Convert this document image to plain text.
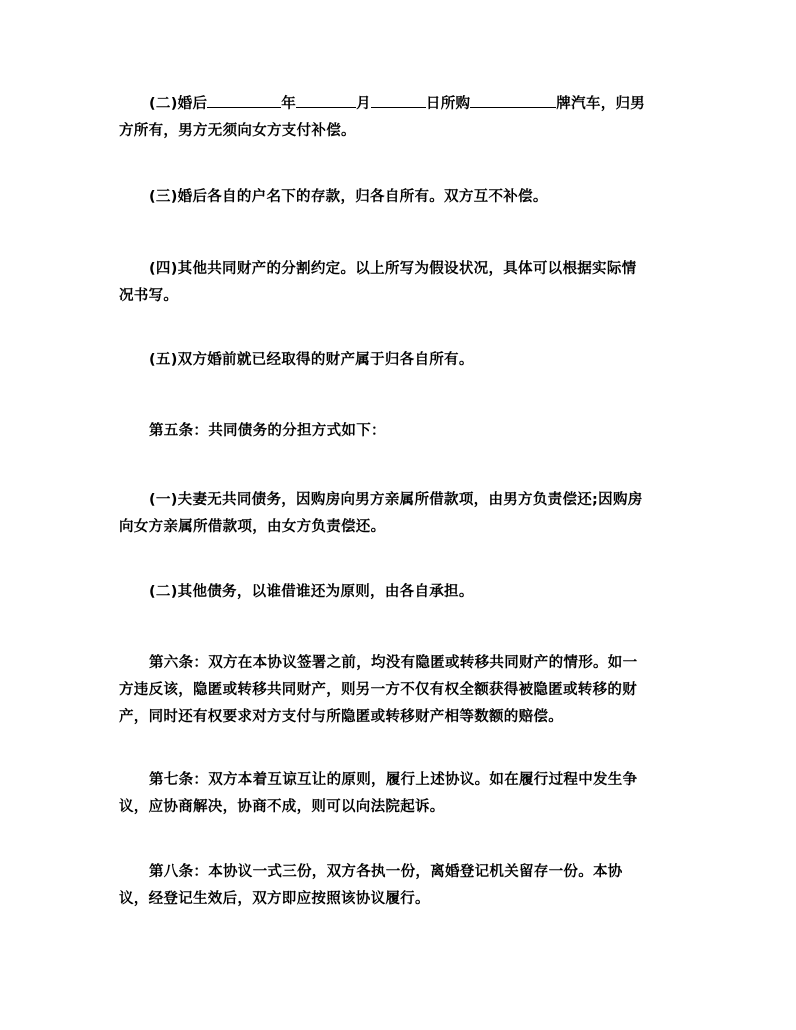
(二)婚后	年	月	日所购	牌汽车，归男
方所有，男方无须向女方支付补偿。
(三)婚后各自的户名下的存款，归各自所有。双方互不补偿。
(四)其他共同财产的分割约定。以上所写为假设状况，具体可以根据实际情
况书写。
(五)双方婚前就已经取得的财产属于归各自所有。
第五条：共同债务的分担方式如下：
(一)夫妻无共同债务，因购房向男方亲属所借款项，由男方负责偿还;因购房
向女方亲属所借款项，由女方负责偿还。
(二)其他债务，以谁借谁还为原则，由各自承担。
第六条：双方在本协议签署之前，均没有隐匿或转移共同财产的情形。如一
方违反该，隐匿或转移共同财产，则另一方不仅有权全额获得被隐匿或转移的财
产，同时还有权要求对方支付与所隐匿或转移财产相等数额的赔偿。
第七条：双方本着互谅互让的原则，履行上述协议。如在履行过程中发生争
议，应协商解决，协商不成，则可以向法院起诉。
第八条：本协议一式三份，双方各执一份，离婚登记机关留存一份。本协
议，经登记生效后，双方即应按照该协议履行。
